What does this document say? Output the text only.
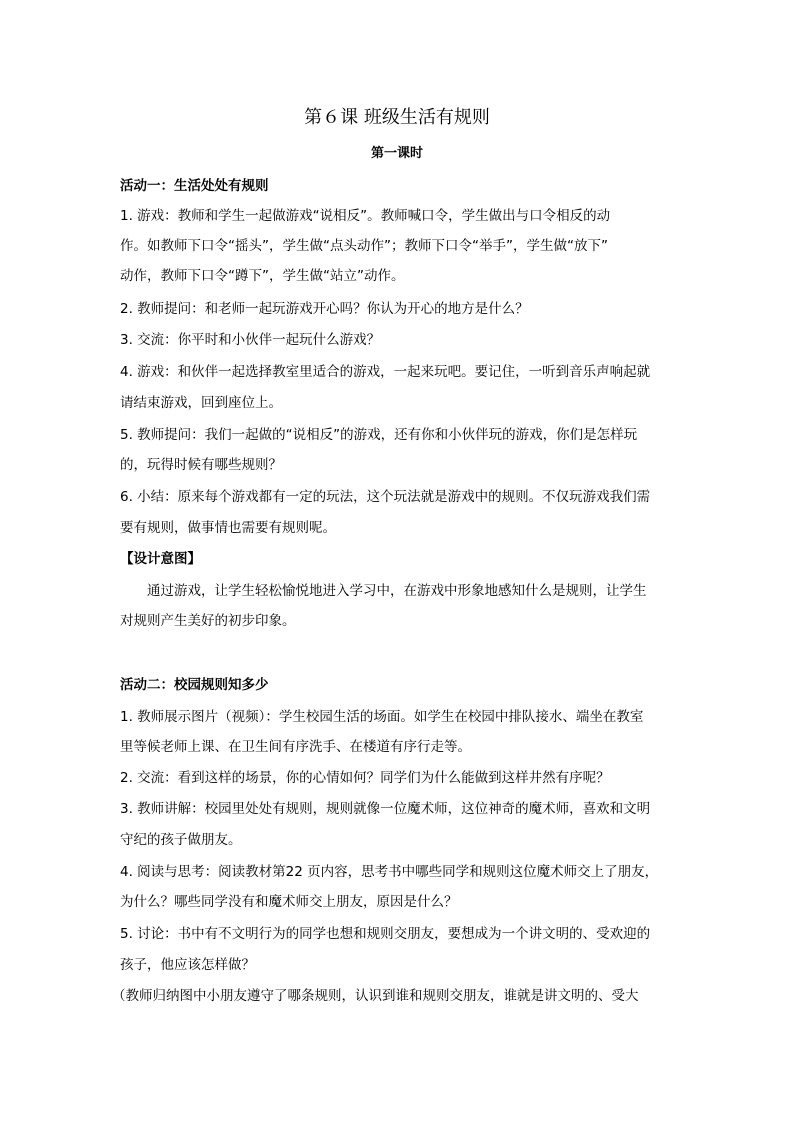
第６课 班级生活有规则
第一课时
活动一：生活处处有规则
1. 游戏：教师和学生一起做游戏“说相反”。教师喊口令，学生做出与口令相反的动
作。如教师下口令“摇头”，学生做“点头动作”；教师下口令“举手”，学生做“放下”
动作，教师下口令“蹲下”，学生做“站立”动作。
2. 教师提问：和老师一起玩游戏开心吗？你认为开心的地方是什么？
3. 交流：你平时和小伙伴一起玩什么游戏？
4. 游戏：和伙伴一起选择教室里适合的游戏，一起来玩吧。要记住，一听到音乐声响起就
请结束游戏，回到座位上。
5. 教师提问：我们一起做的“说相反”的游戏，还有你和小伙伴玩的游戏，你们是怎样玩
的，玩得时候有哪些规则？
6. 小结：原来每个游戏都有一定的玩法，这个玩法就是游戏中的规则。不仅玩游戏我们需
要有规则，做事情也需要有规则呢。
【设计意图】
　　通过游戏，让学生轻松愉悦地进入学习中，在游戏中形象地感知什么是规则，让学生
对规则产生美好的初步印象。
活动二：校园规则知多少
1. 教师展示图片（视频）：学生校园生活的场面。如学生在校园中排队接水、端坐在教室
里等候老师上课、在卫生间有序洗手、在楼道有序行走等。
2. 交流：看到这样的场景，你的心情如何？同学们为什么能做到这样井然有序呢？
3. 教师讲解：校园里处处有规则，规则就像一位魔术师，这位神奇的魔术师，喜欢和文明
守纪的孩子做朋友。
4. 阅读与思考：阅读教材第22 页内容，思考书中哪些同学和规则这位魔术师交上了朋友，
为什么？哪些同学没有和魔术师交上朋友，原因是什么？
5. 讨论：书中有不文明行为的同学也想和规则交朋友，要想成为一个讲文明的、受欢迎的
孩子，他应该怎样做？
（教师归纳图中小朋友遵守了哪条规则，认识到谁和规则交朋友，谁就是讲文明的、受大
